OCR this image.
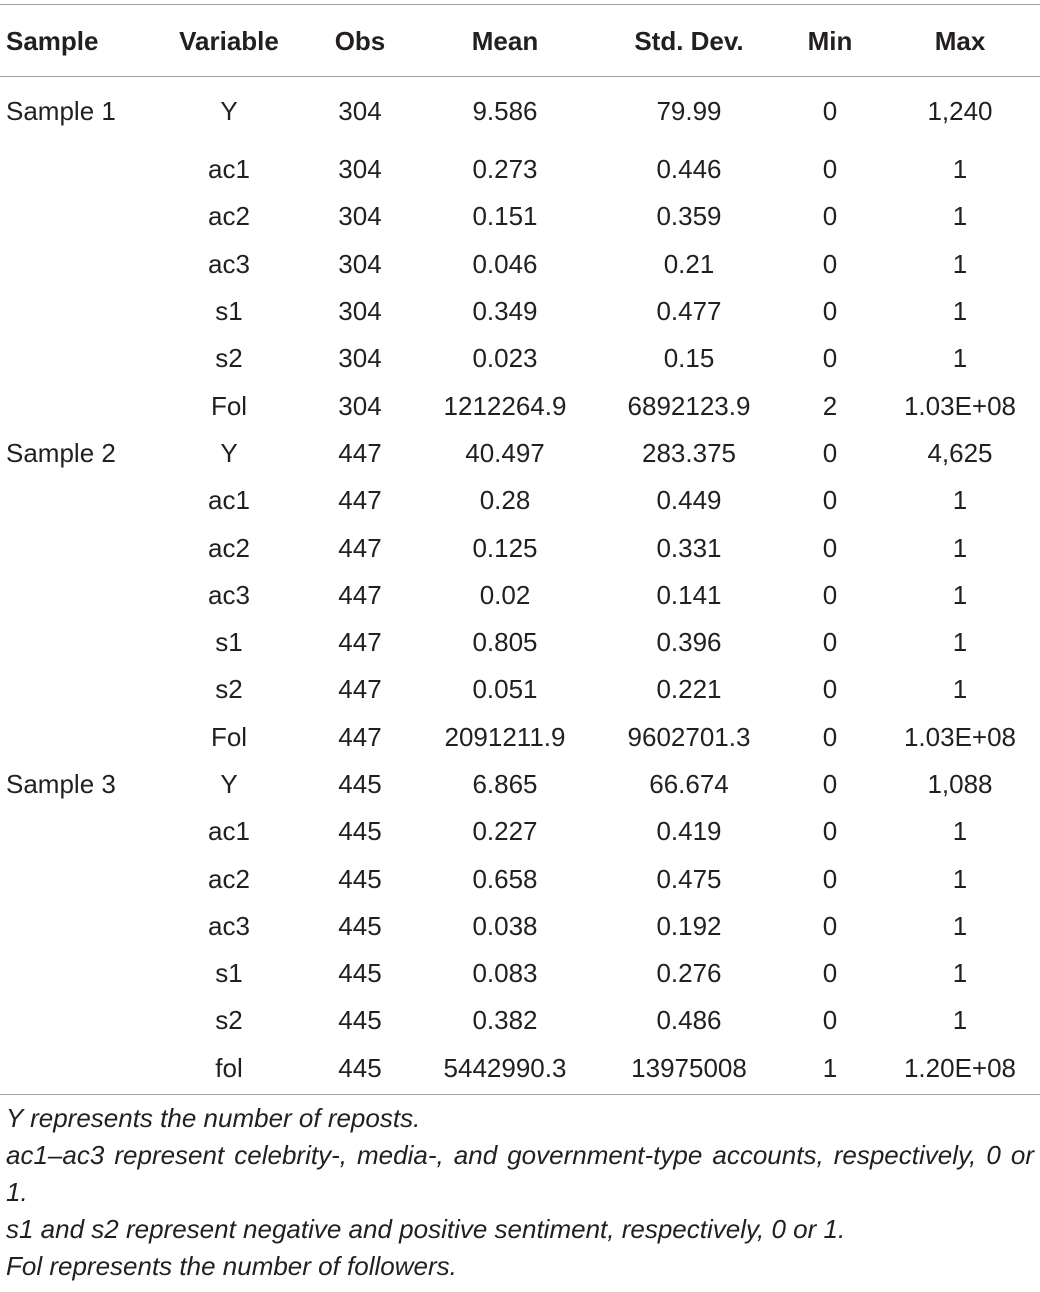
Sample	Variable	Obs	Mean	Std. Dev.	Min	Max
Sample 1	Y	304	9.586	79.99	0	1,240
	ac1	304	0.273	0.446	0	1
	ac2	304	0.151	0.359	0	1
	ac3	304	0.046	0.21	0	1
	s1	304	0.349	0.477	0	1
	s2	304	0.023	0.15	0	1
	Fol	304	1212264.9	6892123.9	2	1.03E+08
Sample 2	Y	447	40.497	283.375	0	4,625
	ac1	447	0.28	0.449	0	1
	ac2	447	0.125	0.331	0	1
	ac3	447	0.02	0.141	0	1
	s1	447	0.805	0.396	0	1
	s2	447	0.051	0.221	0	1
	Fol	447	2091211.9	9602701.3	0	1.03E+08
Sample 3	Y	445	6.865	66.674	0	1,088
	ac1	445	0.227	0.419	0	1
	ac2	445	0.658	0.475	0	1
	ac3	445	0.038	0.192	0	1
	s1	445	0.083	0.276	0	1
	s2	445	0.382	0.486	0	1
	fol	445	5442990.3	13975008	1	1.20E+08

Y represents the number of reposts.

ac1–ac3 represent celebrity-, media-, and government-type accounts, respectively, 0 or 1.

s1 and s2 represent negative and positive sentiment, respectively, 0 or 1.

Fol represents the number of followers.
